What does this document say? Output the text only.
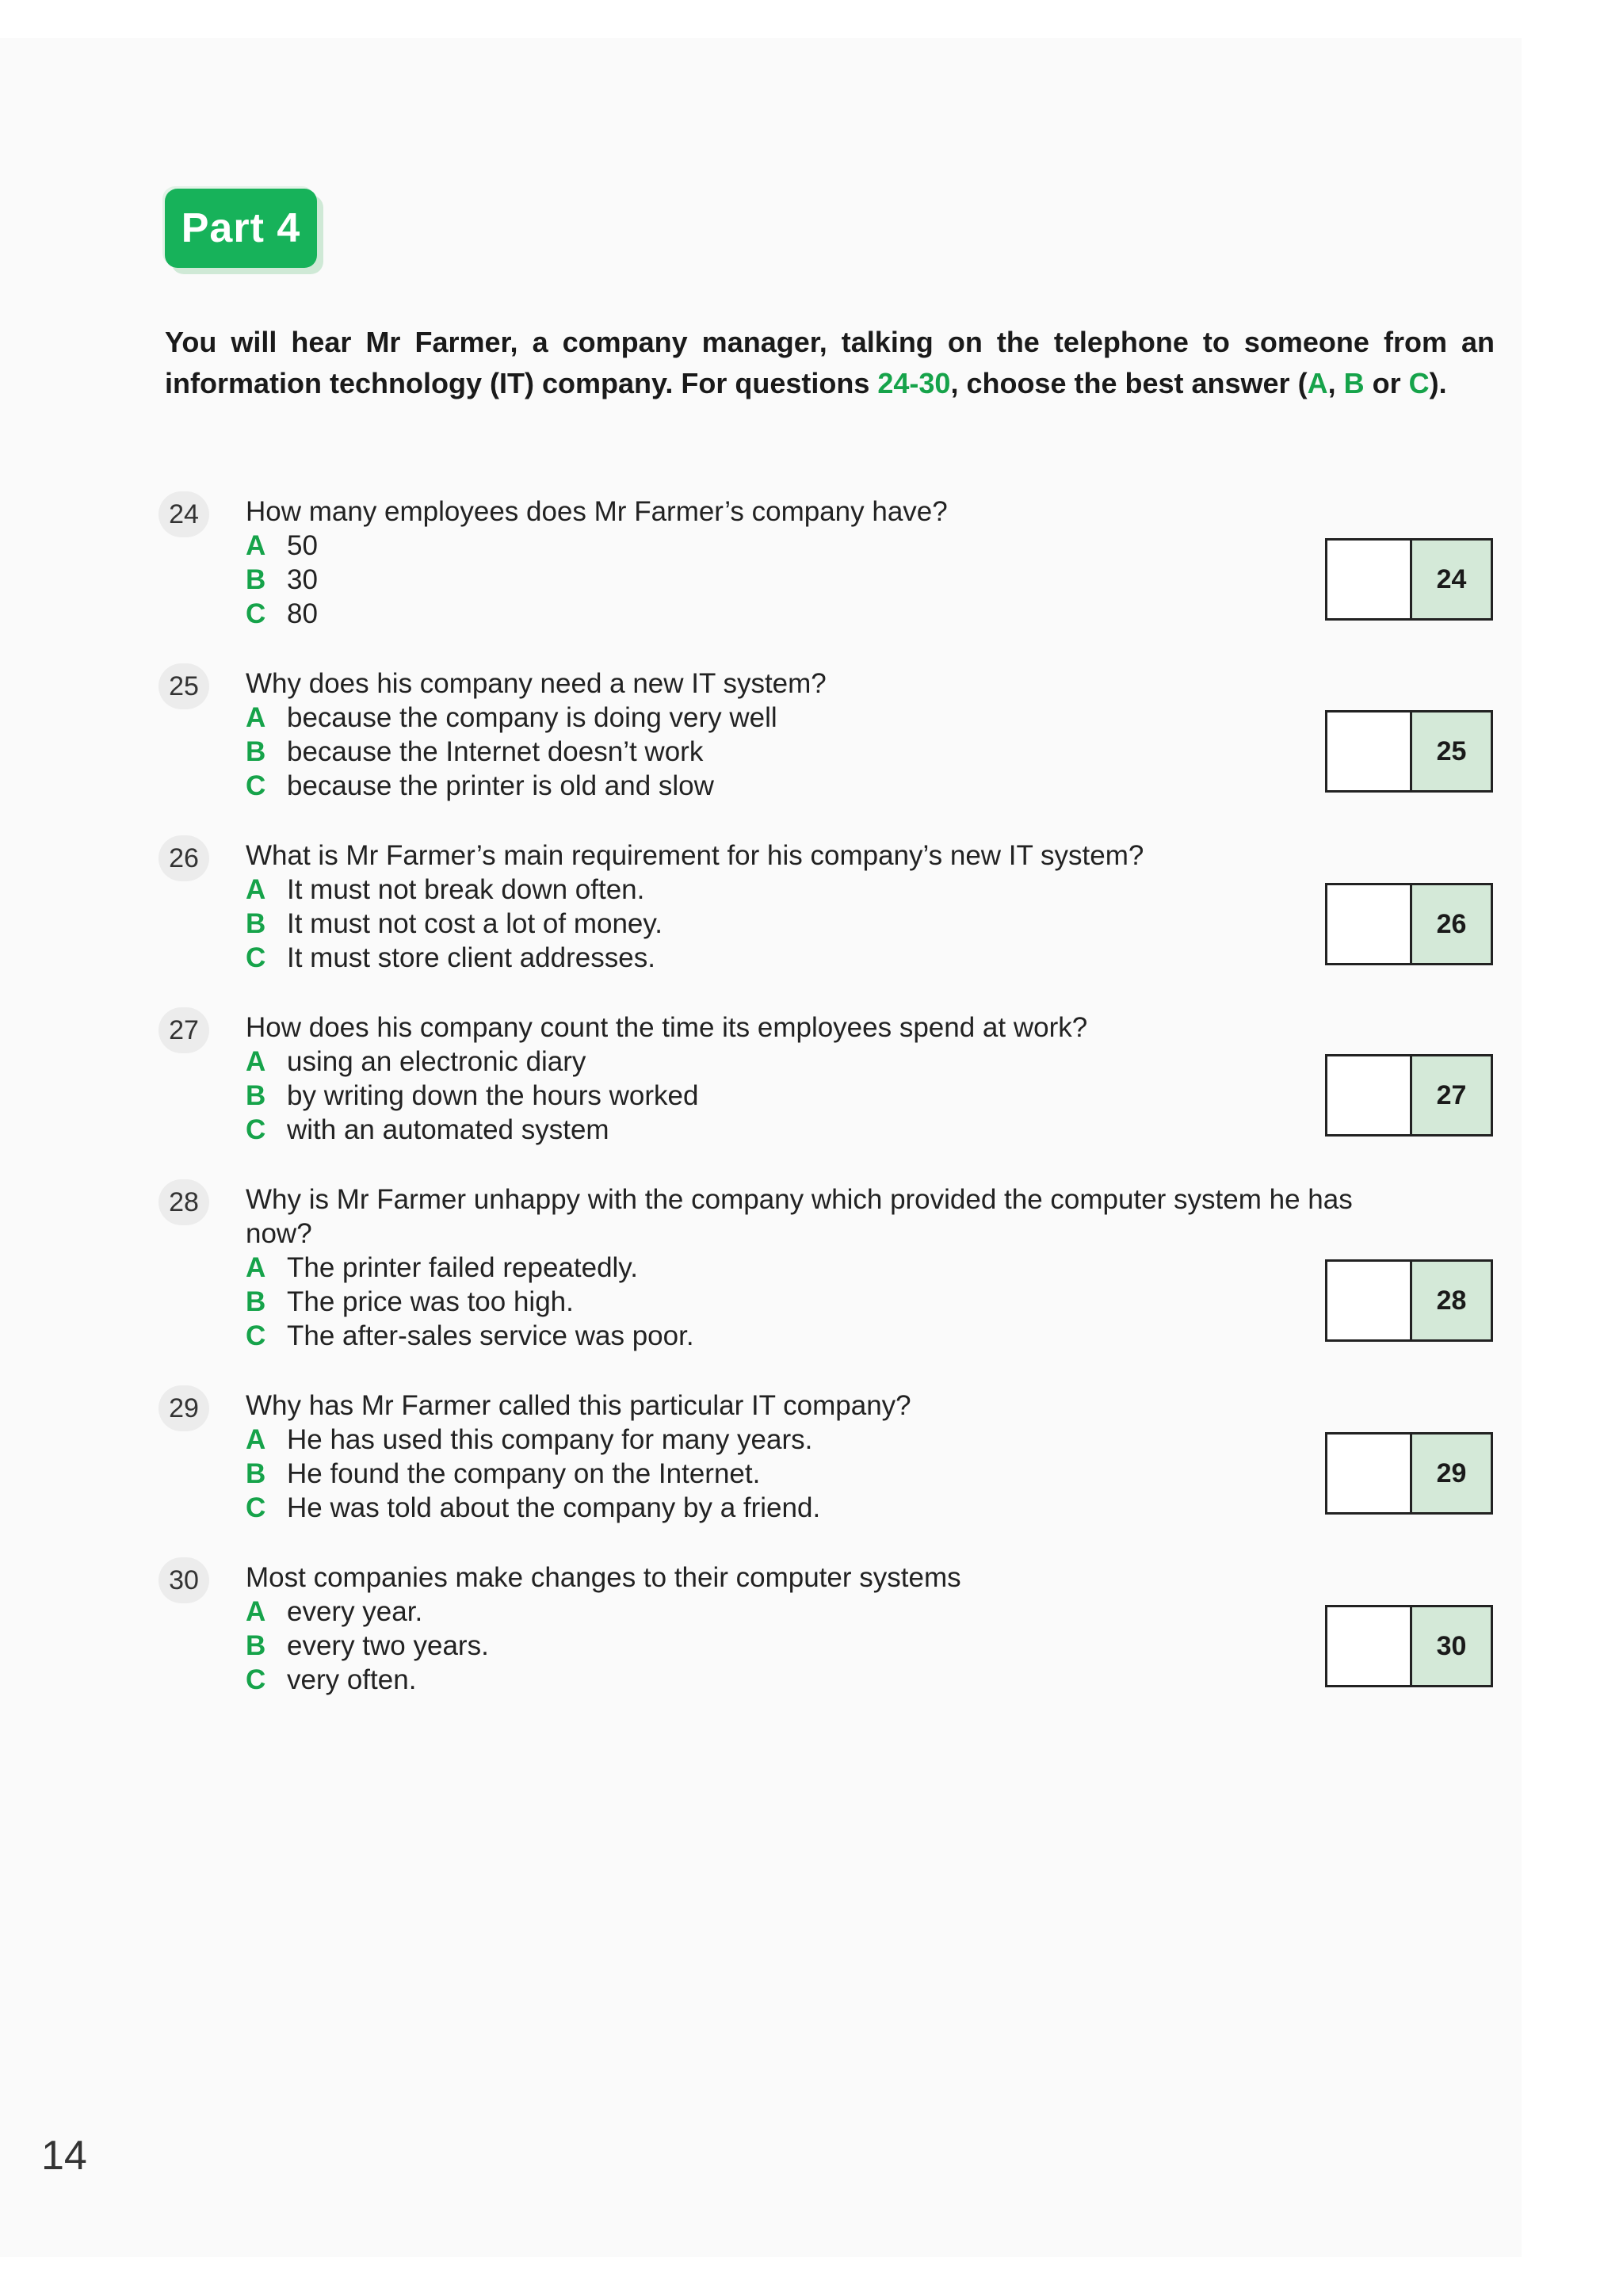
Part 4
You will hear Mr Farmer, a company manager, talking on the telephone to someone from an information technology (IT) company. For questions 24-30, choose the best answer (A, B or C).
24	How many employees does Mr Farmer’s company have?
A 50
B 30
C 80
24
25	Why does his company need a new IT system?
A because the company is doing very well
B because the Internet doesn’t work
C because the printer is old and slow
25
26	What is Mr Farmer’s main requirement for his company’s new IT system?
A It must not break down often.
B It must not cost a lot of money.
C It must store client addresses.
26
27	How does his company count the time its employees spend at work?
A using an electronic diary
B by writing down the hours worked
C with an automated system
27
28	Why is Mr Farmer unhappy with the company which provided the computer system he has now?
A The printer failed repeatedly.
B The price was too high.
C The after-sales service was poor.
28
29	Why has Mr Farmer called this particular IT company?
A He has used this company for many years.
B He found the company on the Internet.
C He was told about the company by a friend.
29
30	Most companies make changes to their computer systems
A every year.
B every two years.
C very often.
30
14
